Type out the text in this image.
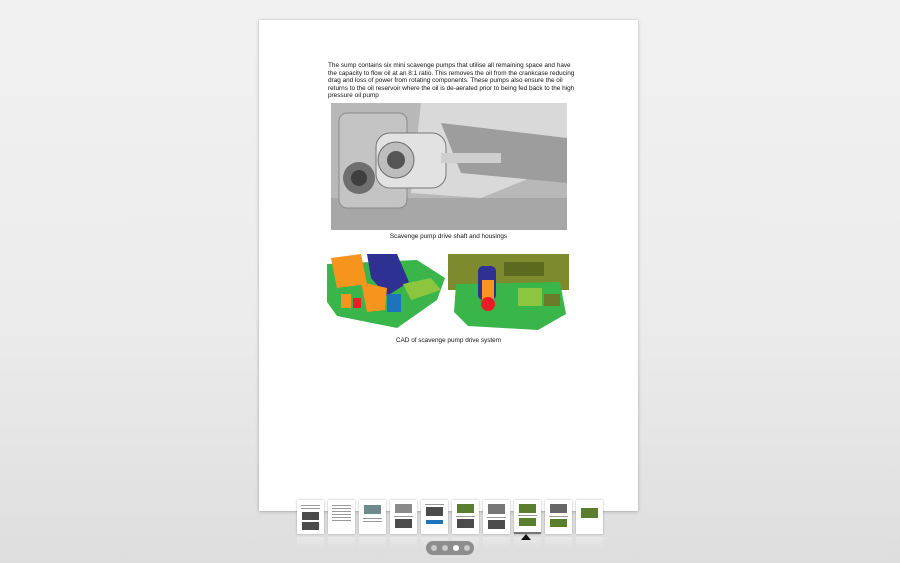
The sump contains six mini scavenge pumps that utilise all remaining space and have the capacity to flow oil at an 8:1 ratio. This removes the oil from the crankcase reducing drag and loss of power from rotating components. These pumps also ensure the oil returns to the oil reservoir where the oil is de-aerated prior to being fed back to the high pressure oil pump

Scavenge pump drive shaft and housings

CAD of scavenge pump drive system
